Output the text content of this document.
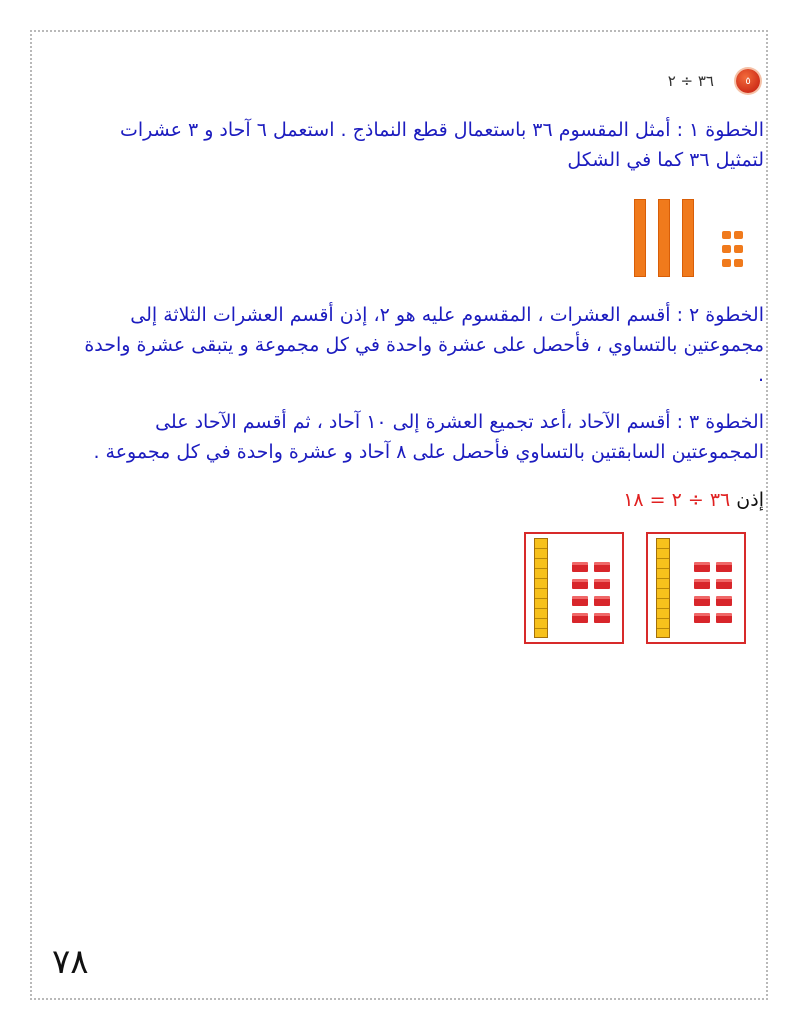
٥
٣٦ ÷ ٢
الخطوة ١ : أمثل المقسوم ٣٦ باستعمال قطع النماذج . استعمل ٦ آحاد و ٣ عشرات
لتمثيل ٣٦ كما في الشكل
الخطوة ٢ : أقسم العشرات ، المقسوم عليه هو ٢، إذن أقسم العشرات الثلاثة إلى
مجموعتين بالتساوي ، فأحصل على عشرة واحدة في كل مجموعة و يتبقى عشرة واحدة
.
الخطوة ٣ : أقسم الآحاد ،أعد تجميع العشرة إلى ١٠ آحاد ، ثم أقسم الآحاد على
المجموعتين السابقتين بالتساوي فأحصل على ٨ آحاد و عشرة واحدة في كل مجموعة .
إذن ٣٦ ÷ ٢ = ١٨
٧٨
